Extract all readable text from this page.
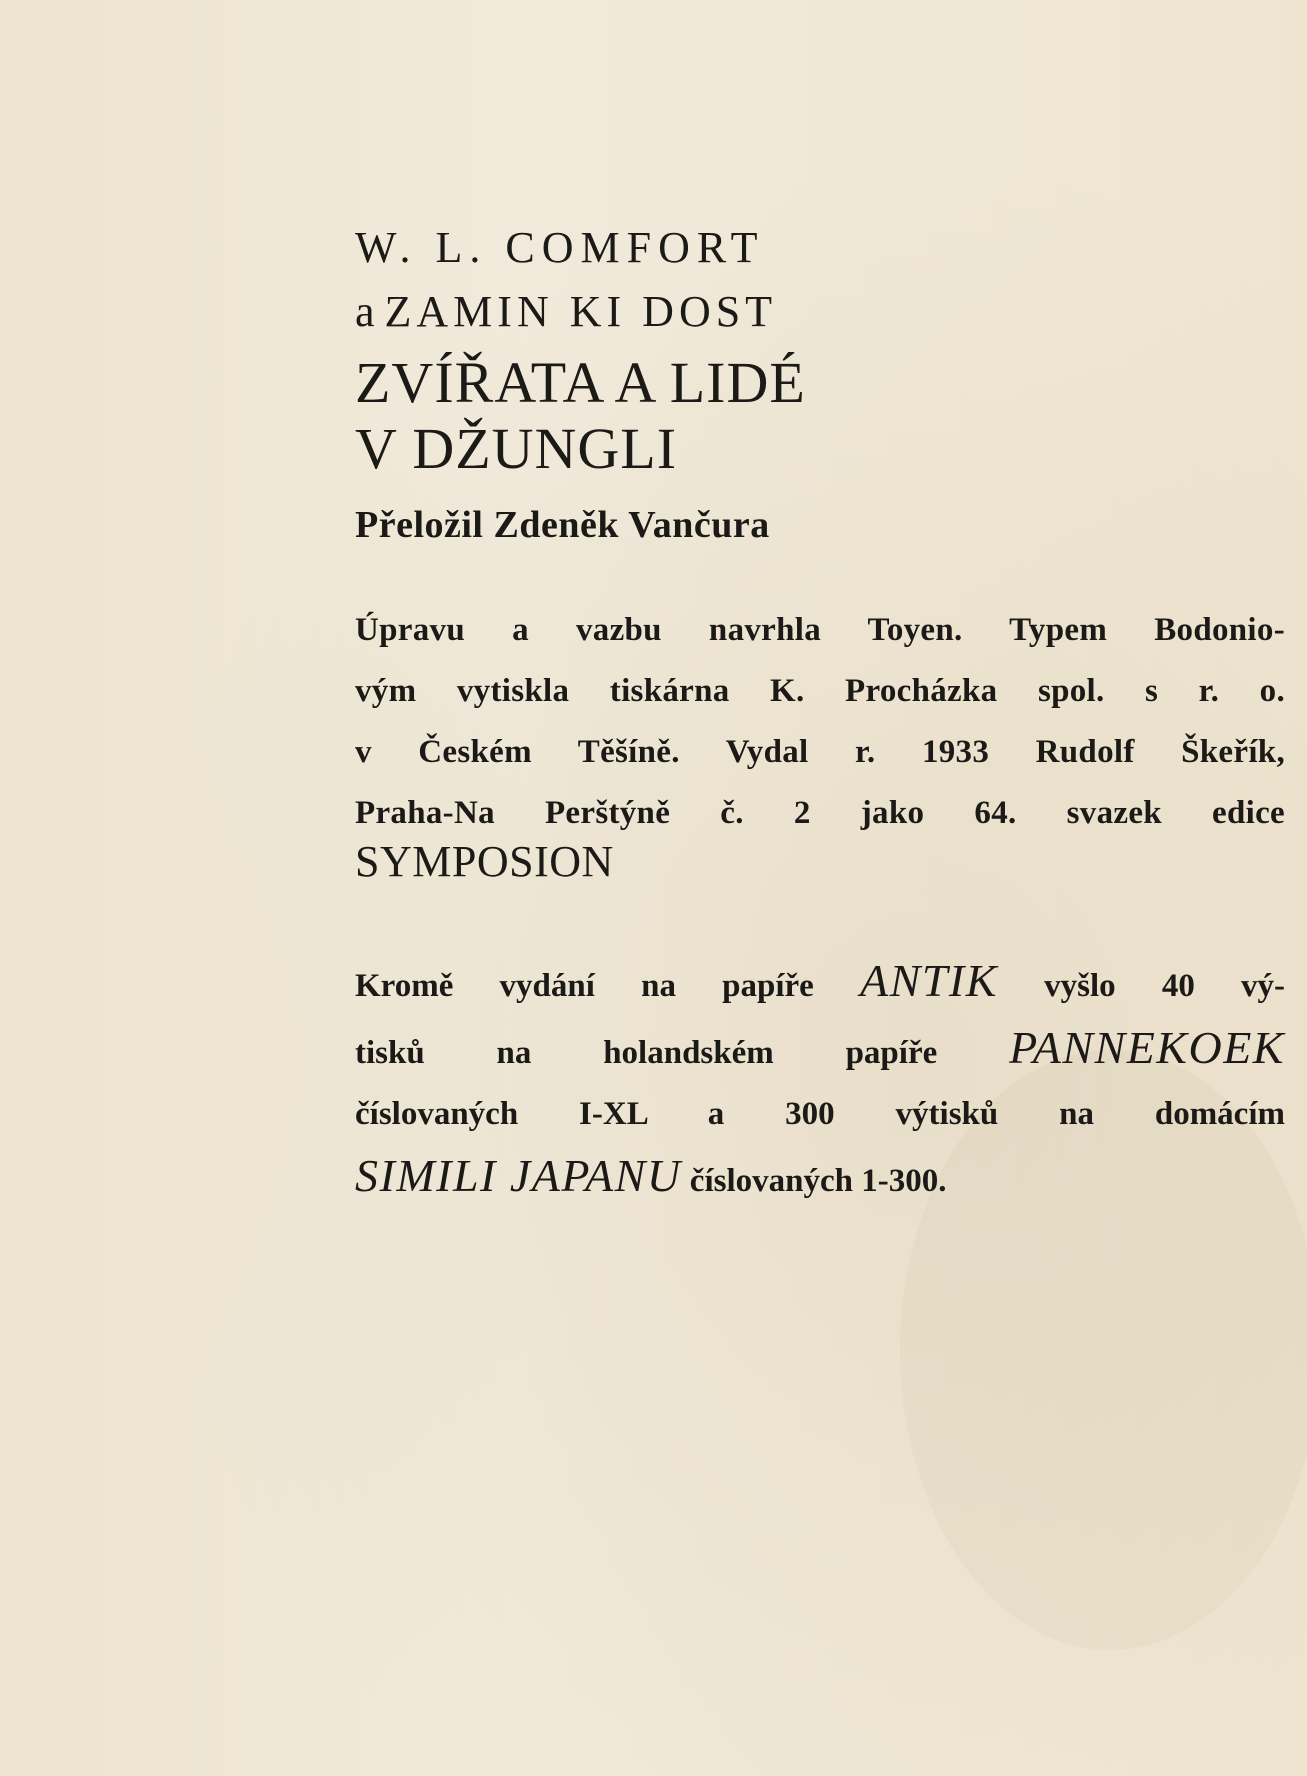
W. L. COMFORT
a ZAMIN KI DOST
ZVÍŘATA A LIDÉ
V DŽUNGLI
Přeložil Zdeněk Vančura
Úpravu a vazbu navrhla Toyen. Typem Bodonio-
vým vytiskla tiskárna K. Procházka spol. s r. o.
v Českém Těšíně. Vydal r. 1933 Rudolf Škeřík,
Praha-Na Perštýně č. 2 jako 64. svazek edice
SYMPOSION
Kromě vydání na papíře ANTIK vyšlo 40 vý-
tisků na holandském papíře PANNEKOEK
číslovaných I-XL a 300 výtisků na domácím
SIMILI JAPANU číslovaných 1-300.
